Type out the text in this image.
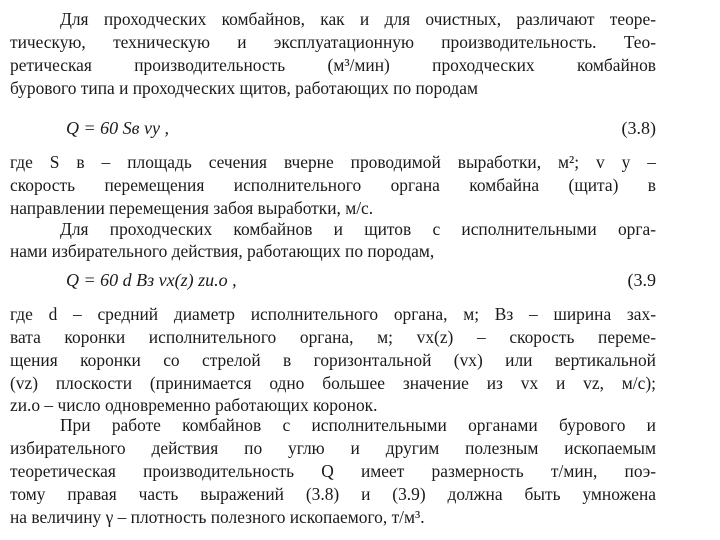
Для проходческих комбайнов, как и для очистных, различают теоре-
тическую, техническую и эксплуатационную производительность. Тео-
ретическая производительность (м³/мин) проходческих комбайнов
бурового типа и проходческих щитов, работающих по породам
Q = 60 Sв vу ,	(3.8)
где S в – площадь сечения вчерне проводимой выработки, м²; v у –
скорость перемещения исполнительного органа комбайна (щита) в
направлении перемещения забоя выработки, м/с.
Для проходческих комбайнов и щитов с исполнительными орга-
нами избирательного действия, работающих по породам,
Q = 60 d Bз vx(z) zи.о ,	(3.9
где d – средний диаметр исполнительного органа, м; Bз – ширина зах-
вата коронки исполнительного органа, м; vx(z) – скорость переме-
щения коронки со стрелой в горизонтальной (vx) или вертикальной
(vz) плоскости (принимается одно большее значение из vx и vz, м/с);
zи.о – число одновременно работающих коронок.
При работе комбайнов с исполнительными органами бурового и
избирательного действия по углю и другим полезным ископаемым
теоретическая производительность Q имеет размерность т/мин, поэ-
тому правая часть выражений (3.8) и (3.9) должна быть умножена
на величину γ – плотность полезного ископаемого, т/м³.
